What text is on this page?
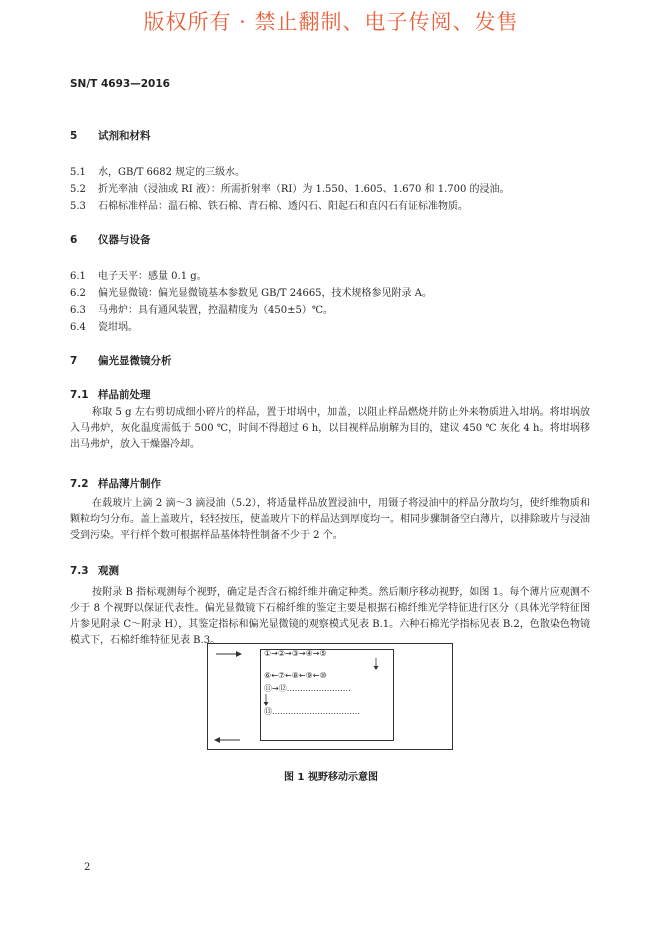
版权所有 · 禁止翻制、电子传阅、发售
SN/T 4693—2016
5 试剂和材料
5.1 水，GB/T 6682 规定的三级水。
5.2 折光率油（浸油或 RI 液）：所需折射率（RI）为 1.550、1.605、1.670 和 1.700 的浸油。
5.3 石棉标准样品：温石棉、铁石棉、青石棉、透闪石、阳起石和直闪石有证标准物质。
6 仪器与设备
6.1 电子天平：感量 0.1 g。
6.2 偏光显微镜：偏光显微镜基本参数见 GB/T 24665，技术规格参见附录 A。
6.3 马弗炉：具有通风装置，控温精度为（450±5）℃。
6.4 瓷坩埚。
7 偏光显微镜分析
7.1 样品前处理
称取 5 g 左右剪切成细小碎片的样品，置于坩埚中，加盖，以阻止样品燃烧并防止外来物质进入坩埚。将坩埚放入马弗炉，灰化温度需低于 500 ℃，时间不得超过 6 h，以目视样品崩解为目的，建议 450 ℃ 灰化 4 h。将坩埚移出马弗炉，放入干燥器冷却。
7.2 样品薄片制作
在载玻片上滴 2 滴～3 滴浸油（5.2），将适量样品放置浸油中，用镊子将浸油中的样品分散均匀，使纤维物质和颗粒均匀分布。盖上盖玻片，轻轻按压，使盖玻片下的样品达到厚度均一。相同步骤制备空白薄片，以排除玻片与浸油受到污染。平行样个数可根据样品基体特性制备不少于 2 个。
7.3 观测
按附录 B 指标观测每个视野，确定是否含石棉纤维并确定种类。然后顺序移动视野，如图 1。每个薄片应观测不少于 8 个视野以保证代表性。偏光显微镜下石棉纤维的鉴定主要是根据石棉纤维光学特征进行区分（具体光学特征图片参见附录 C～附录 H），其鉴定指标和偏光显微镜的观察模式见表 B.1。六种石棉光学指标见表 B.2，色散染色物镜模式下，石棉纤维特征见表 B.3。
①→②→③→④→⑤
⑥←⑦←⑧←⑨←⑩
⑪→⑫……………………
⑬……………………………
图 1 视野移动示意图
2
